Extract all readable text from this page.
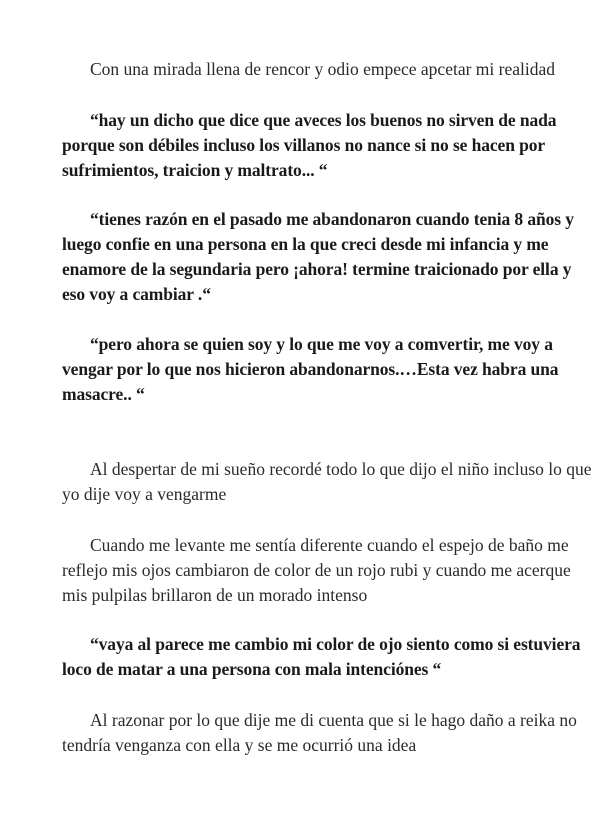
Con una mirada llena de rencor y odio empece apcetar mi realidad

“hay un dicho que dice que aveces los buenos no sirven de nada
porque son débiles incluso los villanos no nance si no se hacen por
sufrimientos, traicion y maltrato... “

“tienes razón en el pasado me abandonaron cuando tenia 8 años y
luego confie en una persona en la que creci desde mi infancia y me
enamore de la segundaria pero ¡ahora! termine traicionado por ella y
eso voy a cambiar .“

“pero ahora se quien soy y lo que me voy a comvertir, me voy a
vengar por lo que nos hicieron abandonarnos.…Esta vez habra una
masacre.. “

Al despertar de mi sueño recordé todo lo que dijo el niño incluso lo que
yo dije voy a vengarme

Cuando me levante me sentía diferente cuando el espejo de baño me
reflejo mis ojos cambiaron de color de un rojo rubi y cuando me acerque
mis pulpilas brillaron de un morado intenso

“vaya al parece me cambio mi color de ojo siento como si estuviera
loco de matar a una persona con mala intenciónes “

Al razonar por lo que dije me di cuenta que si le hago daño a reika no
tendría venganza con ella y se me ocurrió una idea
